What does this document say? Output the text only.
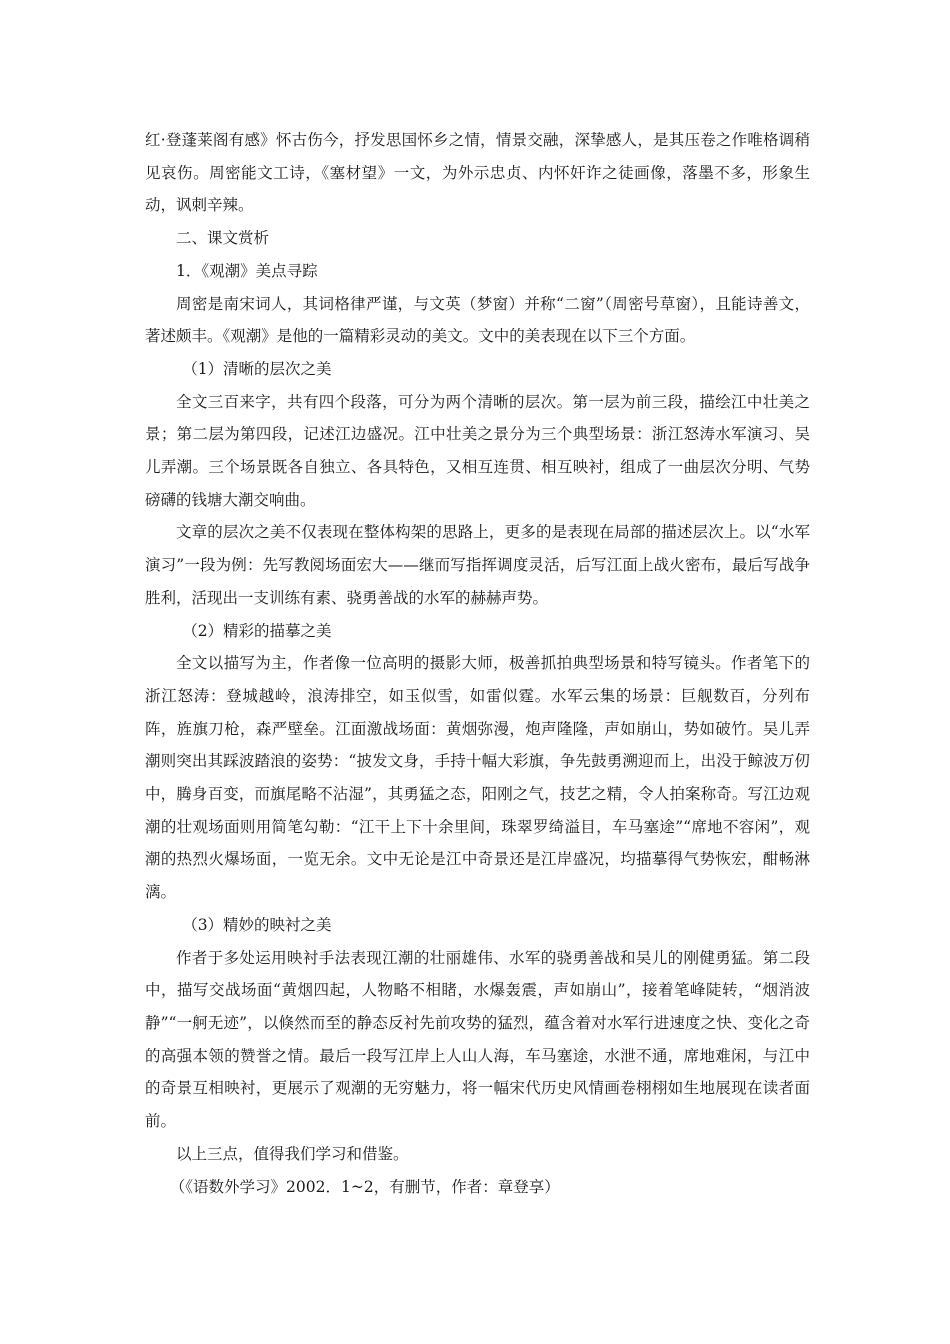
红·登蓬莱阁有感》怀古伤今，抒发思国怀乡之情，情景交融，深挚感人，是其压卷之作唯格调稍见哀伤。周密能文工诗，《塞材望》一文，为外示忠贞、内怀奸诈之徒画像，落墨不多，形象生动，讽刺辛辣。

二、课文赏析

1．《观潮》美点寻踪

周密是南宋词人，其词格律严谨，与文英（梦窗）并称“二窗”（周密号草窗），且能诗善文，著述颇丰。《观潮》是他的一篇精彩灵动的美文。文中的美表现在以下三个方面。

（1）清晰的层次之美

全文三百来字，共有四个段落，可分为两个清晰的层次。第一层为前三段，描绘江中壮美之景；第二层为第四段，记述江边盛况。江中壮美之景分为三个典型场景：浙江怒涛水军演习、吴儿弄潮。三个场景既各自独立、各具特色，又相互连贯、相互映衬，组成了一曲层次分明、气势磅礴的钱塘大潮交响曲。

文章的层次之美不仅表现在整体构架的思路上，更多的是表现在局部的描述层次上。以“水军演习”一段为例：先写教阅场面宏大——继而写指挥调度灵活，后写江面上战火密布，最后写战争胜利，活现出一支训练有素、骁勇善战的水军的赫赫声势。

（2）精彩的描摹之美

全文以描写为主，作者像一位高明的摄影大师，极善抓拍典型场景和特写镜头。作者笔下的浙江怒涛：登城越岭，浪涛排空，如玉似雪，如雷似霆。水军云集的场景：巨舰数百，分列布阵，旌旗刀枪，森严壁垒。江面激战场面：黄烟弥漫，炮声隆隆，声如崩山，势如破竹。吴儿弄潮则突出其踩波踏浪的姿势：“披发文身，手持十幅大彩旗，争先鼓勇溯迎而上，出没于鲸波万仞中，腾身百变，而旗尾略不沾湿”，其勇猛之态，阳刚之气，技艺之精，令人拍案称奇。写江边观潮的壮观场面则用简笔勾勒：“江干上下十余里间，珠翠罗绮溢目，车马塞途”“席地不容闲”，观潮的热烈火爆场面，一览无余。文中无论是江中奇景还是江岸盛况，均描摹得气势恢宏，酣畅淋漓。

（3）精妙的映衬之美

作者于多处运用映衬手法表现江潮的壮丽雄伟、水军的骁勇善战和吴儿的刚健勇猛。第二段中，描写交战场面“黄烟四起，人物略不相睹，水爆轰震，声如崩山”，接着笔峰陡转，“烟消波静”“一舸无迹”，以倏然而至的静态反衬先前攻势的猛烈，蕴含着对水军行进速度之快、变化之奇的高强本领的赞誉之情。最后一段写江岸上人山人海，车马塞途，水泄不通，席地难闲，与江中的奇景互相映衬，更展示了观潮的无穷魅力，将一幅宋代历史风情画卷栩栩如生地展现在读者面前。

以上三点，值得我们学习和借鉴。

（《语数外学习》2002．1~2，有删节，作者：章登享）
